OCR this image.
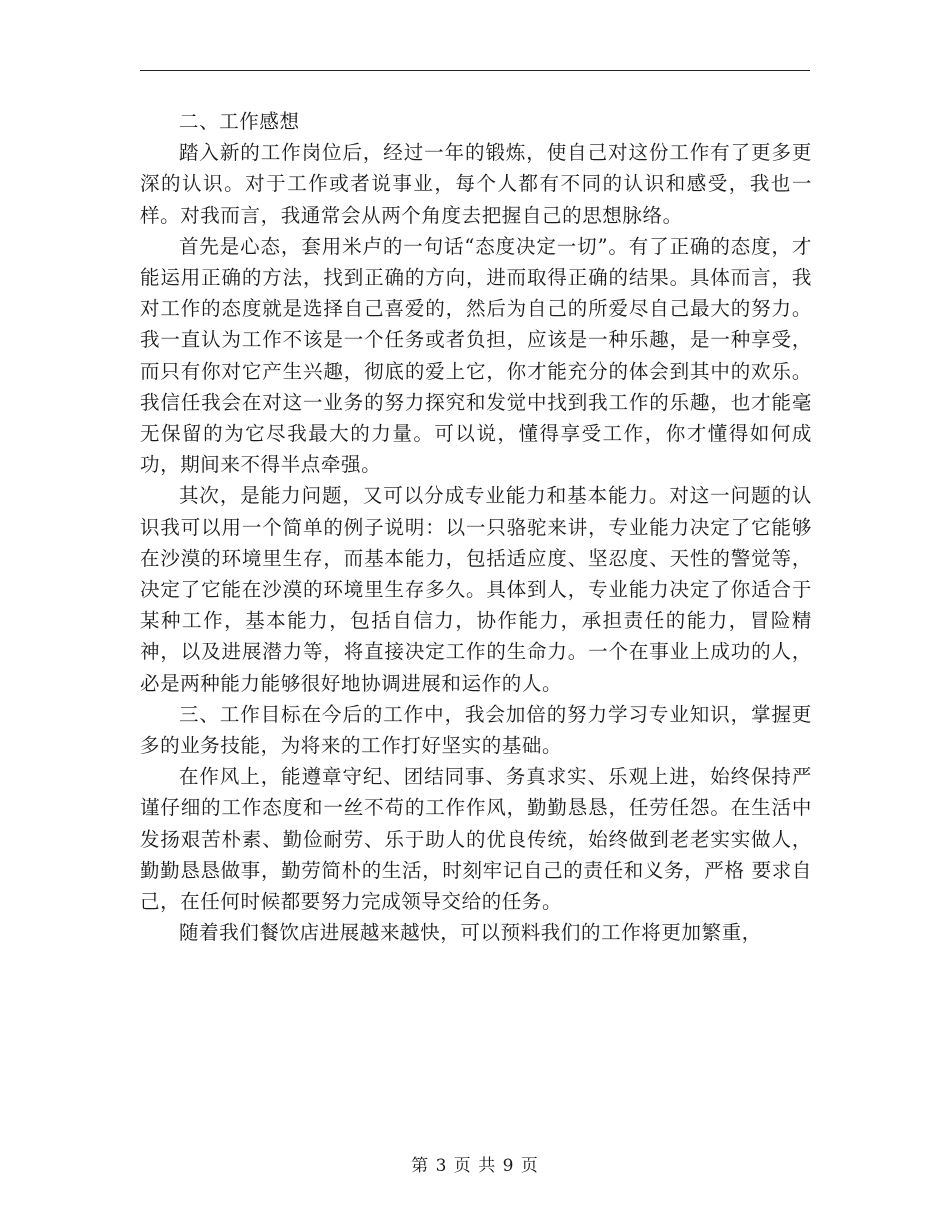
二、工作感想

踏入新的工作岗位后，经过一年的锻炼，使自己对这份工作有了更多更深的认识。对于工作或者说事业，每个人都有不同的认识和感受，我也一样。对我而言，我通常会从两个角度去把握自己的思想脉络。

首先是心态，套用米卢的一句话“态度决定一切”。有了正确的态度，才能运用正确的方法，找到正确的方向，进而取得正确的结果。具体而言，我对工作的态度就是选择自己喜爱的，然后为自己的所爱尽自己最大的努力。我一直认为工作不该是一个任务或者负担，应该是一种乐趣，是一种享受，而只有你对它产生兴趣，彻底的爱上它，你才能充分的体会到其中的欢乐。我信任我会在对这一业务的努力探究和发觉中找到我工作的乐趣，也才能毫无保留的为它尽我最大的力量。可以说，懂得享受工作，你才懂得如何成功，期间来不得半点牵强。

其次，是能力问题，又可以分成专业能力和基本能力。对这一问题的认识我可以用一个简单的例子说明：以一只骆驼来讲，专业能力决定了它能够在沙漠的环境里生存，而基本能力，包括适应度、坚忍度、天性的警觉等，决定了它能在沙漠的环境里生存多久。具体到人，专业能力决定了你适合于某种工作，基本能力，包括自信力，协作能力，承担责任的能力，冒险精神，以及进展潜力等，将直接决定工作的生命力。一个在事业上成功的人，必是两种能力能够很好地协调进展和运作的人。

三、工作目标在今后的工作中，我会加倍的努力学习专业知识，掌握更多的业务技能，为将来的工作打好坚实的基础。

在作风上，能遵章守纪、团结同事、务真求实、乐观上进，始终保持严谨仔细的工作态度和一丝不苟的工作作风，勤勤恳恳，任劳任怨。在生活中发扬艰苦朴素、勤俭耐劳、乐于助人的优良传统，始终做到老老实实做人，勤勤恳恳做事，勤劳简朴的生活，时刻牢记自己的责任和义务，严格 要求自己，在任何时候都要努力完成领导交给的任务。

随着我们餐饮店进展越来越快，可以预料我们的工作将更加繁重，

第 3 页 共 9 页
